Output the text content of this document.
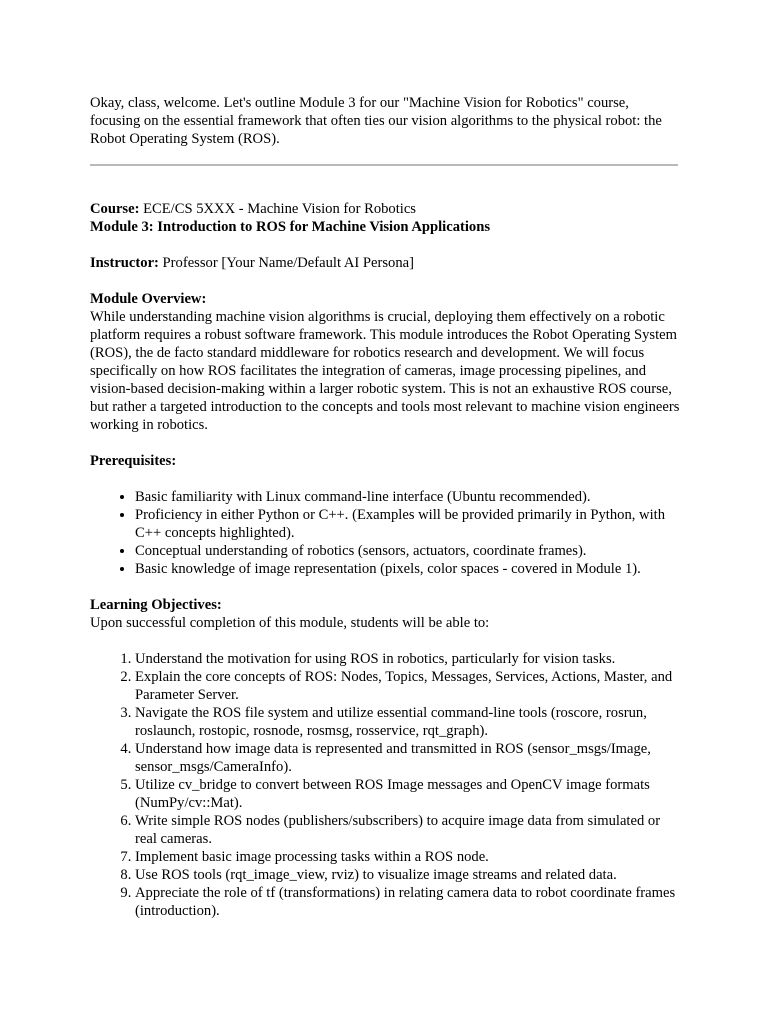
Okay, class, welcome. Let's outline Module 3 for our "Machine Vision for Robotics" course, focusing on the essential framework that often ties our vision algorithms to the physical robot: the Robot Operating System (ROS).

Course: ECE/CS 5XXX - Machine Vision for Robotics

Module 3: Introduction to ROS for Machine Vision Applications

Instructor: Professor [Your Name/Default AI Persona]

Module Overview:

While understanding machine vision algorithms is crucial, deploying them effectively on a robotic platform requires a robust software framework. This module introduces the Robot Operating System (ROS), the de facto standard middleware for robotics research and development. We will focus specifically on how ROS facilitates the integration of cameras, image processing pipelines, and vision-based decision-making within a larger robotic system. This is not an exhaustive ROS course, but rather a targeted introduction to the concepts and tools most relevant to machine vision engineers working in robotics.

Prerequisites:

• Basic familiarity with Linux command-line interface (Ubuntu recommended).
• Proficiency in either Python or C++. (Examples will be provided primarily in Python, with C++ concepts highlighted).
• Conceptual understanding of robotics (sensors, actuators, coordinate frames).
• Basic knowledge of image representation (pixels, color spaces - covered in Module 1).

Learning Objectives:

Upon successful completion of this module, students will be able to:

1. Understand the motivation for using ROS in robotics, particularly for vision tasks.
2. Explain the core concepts of ROS: Nodes, Topics, Messages, Services, Actions, Master, and Parameter Server.
3. Navigate the ROS file system and utilize essential command-line tools (roscore, rosrun, roslaunch, rostopic, rosnode, rosmsg, rosservice, rqt_graph).
4. Understand how image data is represented and transmitted in ROS (sensor_msgs/Image, sensor_msgs/CameraInfo).
5. Utilize cv_bridge to convert between ROS Image messages and OpenCV image formats (NumPy/cv::Mat).
6. Write simple ROS nodes (publishers/subscribers) to acquire image data from simulated or real cameras.
7. Implement basic image processing tasks within a ROS node.
8. Use ROS tools (rqt_image_view, rviz) to visualize image streams and related data.
9. Appreciate the role of tf (transformations) in relating camera data to robot coordinate frames (introduction).
